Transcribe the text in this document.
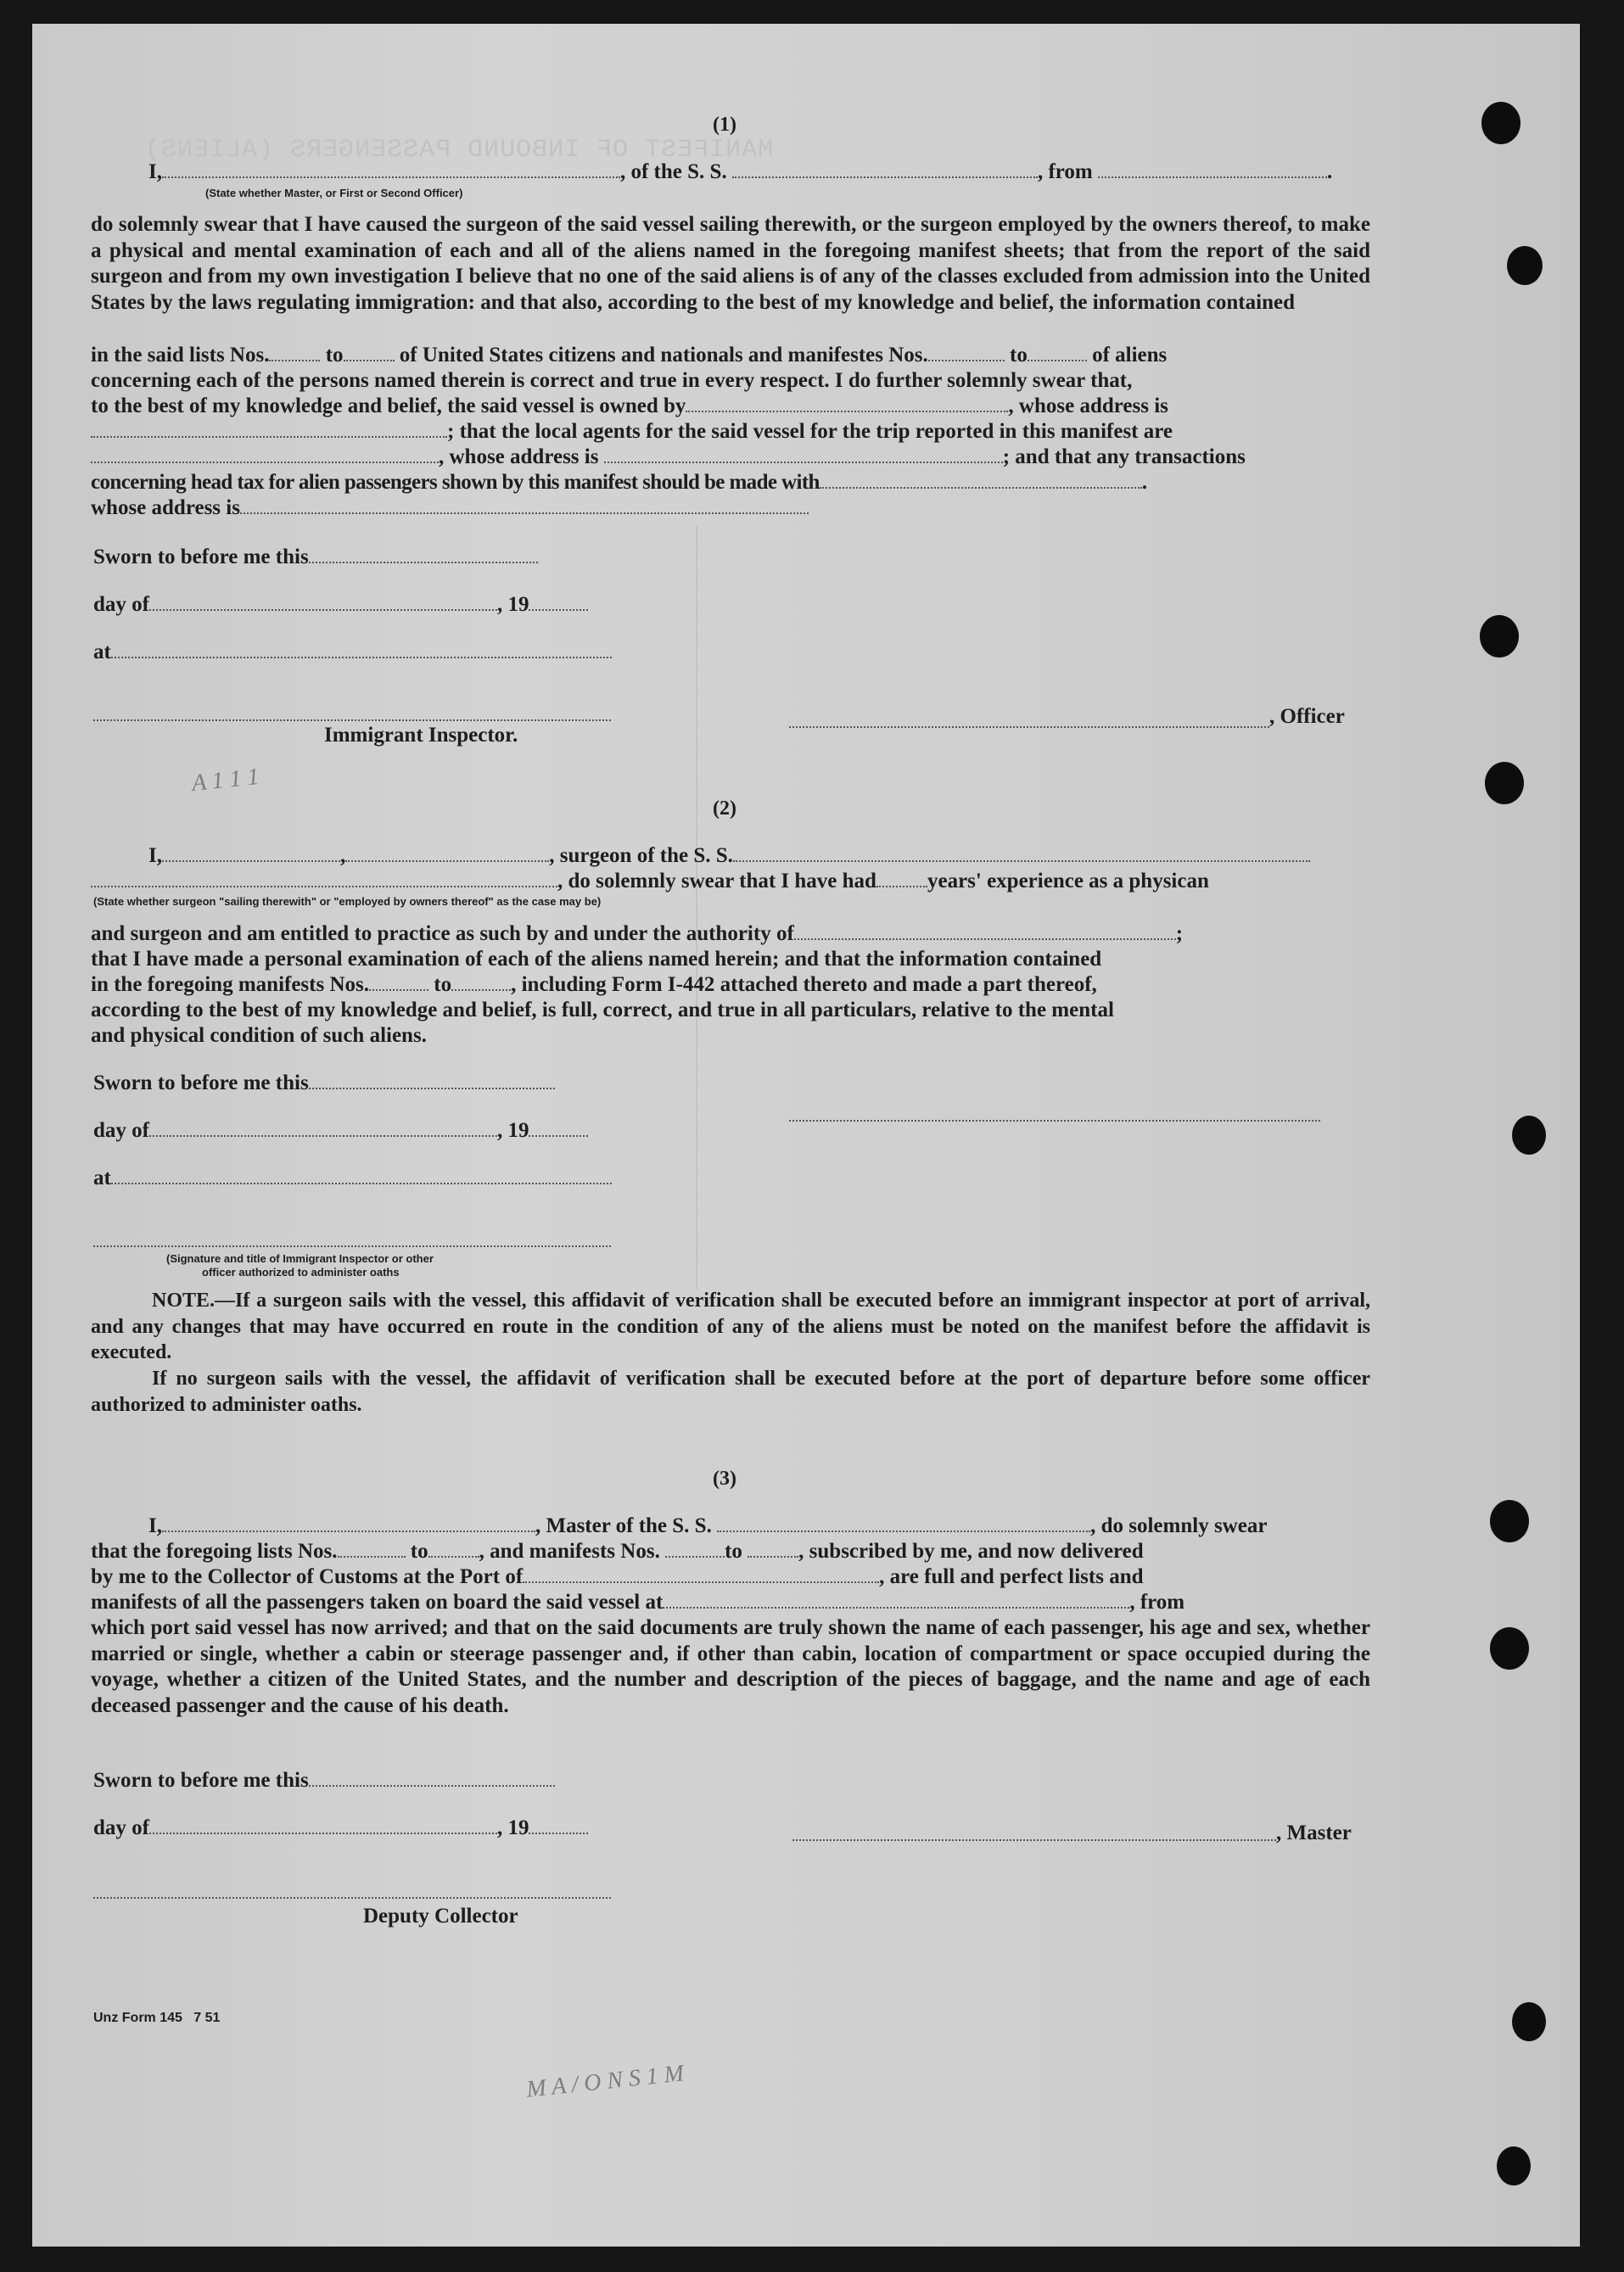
MANIFEST OF INBOUND PASSENGERS (ALIENS)

(1)
I,	, of the S. S.	, from	.
(State whether Master, or First or Second Officer)
do solemnly swear that I have caused the surgeon of the said vessel sailing therewith, or the surgeon employed by the owners thereof, to make a physical and mental examination of each and all of the aliens named in the foregoing manifest sheets; that from the report of the said surgeon and from my own investigation I believe that no one of the said aliens is of any of the classes excluded from admission into the United States by the laws regulating immigration: and that also, according to the best of my knowledge and belief, the information contained
in the said lists Nos.	to	of United States citizens and nationals and manifestes Nos.	to	of aliens
concerning each of the persons named therein is correct and true in every respect. I do further solemnly swear that,
to the best of my knowledge and belief, the said vessel is owned by	, whose address is
; that the local agents for the said vessel for the trip reported in this manifest are
, whose address is	; and that any transactions
concerning head tax for alien passengers shown by this manifest should be made with	.
whose address is
Sworn to before me this
day of	, 19
at
Immigrant Inspector.
, Officer
A 1 1 1
(2)
I,	,	, surgeon of the S. S.
, do solemnly swear that I have had years' experience as a physican
(State whether surgeon "sailing therewith" or "employed by owners thereof" as the case may be)
and surgeon and am entitled to practice as such by and under the authority of	;
that I have made a personal examination of each of the aliens named herein; and that the information contained
in the foregoing manifests Nos.	to	, including Form I-442 attached thereto and made a part thereof,
according to the best of my knowledge and belief, is full, correct, and true in all particulars, relative to the mental
and physical condition of such aliens.
Sworn to before me this
day of	, 19
at
(Signature and title of Immigrant Inspector or other
officer authorized to administer oaths
NOTE.—If a surgeon sails with the vessel, this affidavit of verification shall be executed before an immigrant inspector at port of arrival, and any changes that may have occurred en route in the condition of any of the aliens must be noted on the manifest before the affidavit is executed.
If no surgeon sails with the vessel, the affidavit of verification shall be executed before at the port of departure before some officer authorized to administer oaths.
(3)
I,	, Master of the S. S.	, do solemnly swear
that the foregoing lists Nos.	to , and manifests Nos.	to	, subscribed by me, and now delivered
by me to the Collector of Customs at the Port of	, are full and perfect lists and
manifests of all the passengers taken on board the said vessel at	, from
which port said vessel has now arrived; and that on the said documents are truly shown the name of each passenger, his age and sex, whether married or single, whether a cabin or steerage passenger and, if other than cabin, location of compartment or space occupied during the voyage, whether a citizen of the United States, and the number and description of the pieces of baggage, and the name and age of each deceased passenger and the cause of his death.
Sworn to before me this
day of	, 19	, Master
Deputy Collector
Unz Form 145   7 51
M A / O N S 1 M
